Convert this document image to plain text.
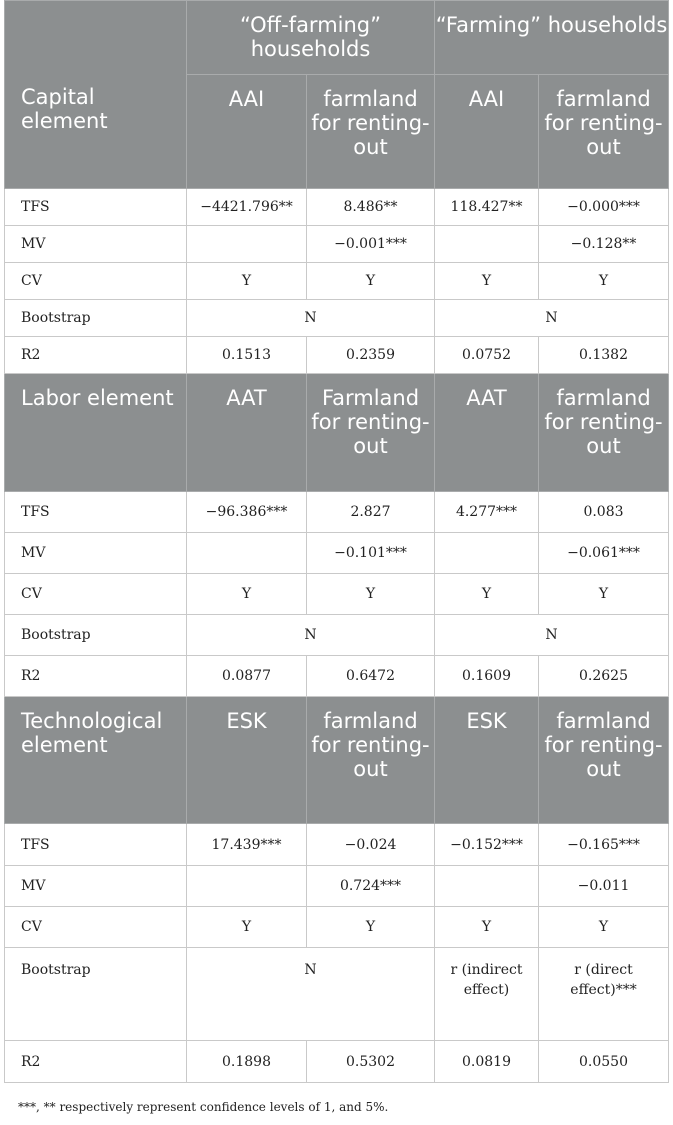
Capital element	“Off-farming” households		“Farming” households	
	AAI	farmland for renting-out	AAI	farmland for renting-out
TFS	−4421.796**	8.486**	118.427**	−0.000***
MV		−0.001***		−0.128**
CV	Y	Y	Y	Y
Bootstrap	N		N	
R2	0.1513	0.2359	0.0752	0.1382
Labor element	AAT	Farmland for renting-out	AAT	farmland for renting-out
TFS	−96.386***	2.827	4.277***	0.083
MV		−0.101***		−0.061***
CV	Y	Y	Y	Y
Bootstrap	N		N	
R2	0.0877	0.6472	0.1609	0.2625
Technological element	ESK	farmland for renting-out	ESK	farmland for renting-out
TFS	17.439***	−0.024	−0.152***	−0.165***
MV		0.724***		−0.011
CV	Y	Y	Y	Y
Bootstrap	N		r (indirect effect)	r (direct effect)***
R2	0.1898	0.5302	0.0819	0.0550
***, ** respectively represent confidence levels of 1, and 5%.
